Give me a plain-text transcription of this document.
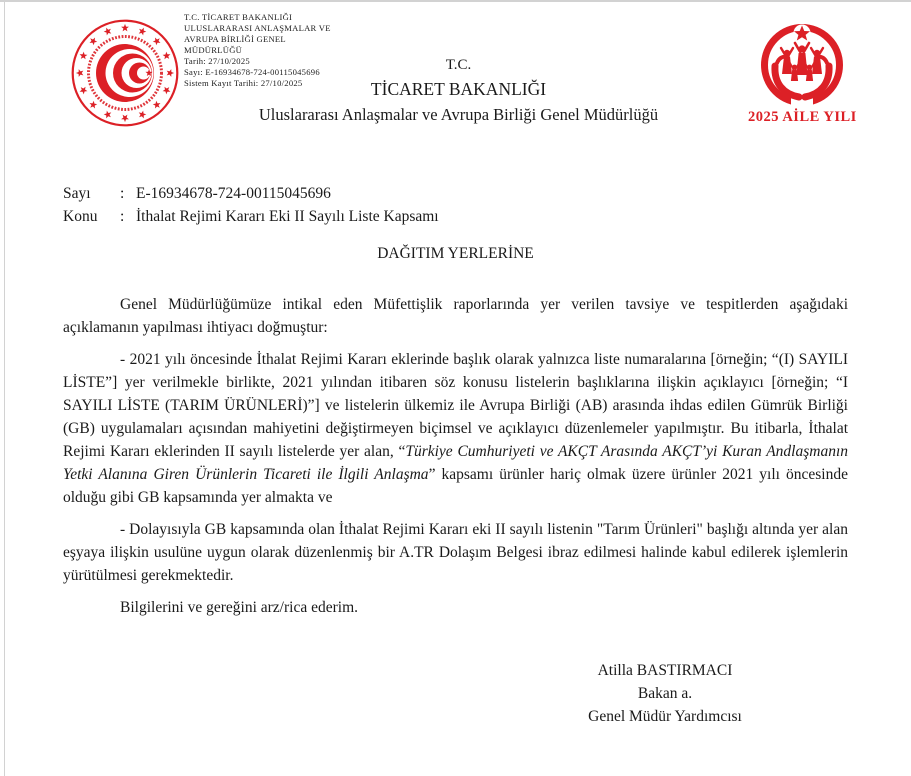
T.C. TİCARET BAKANLIĞI
ULUSLARARASI ANLAŞMALAR VE
AVRUPA BİRLİĞİ GENEL
MÜDÜRLÜĞÜ
Tarih: 27/10/2025
Sayı: E-16934678-724-00115045696
Sistem Kayıt Tarihi: 27/10/2025
T.C.
TİCARET BAKANLIĞI
Uluslararası Anlaşmalar ve Avrupa Birliği Genel Müdürlüğü	2025 AİLE YILI
Sayı	: E-16934678-724-00115045696
Konu	: İthalat Rejimi Kararı Eki II Sayılı Liste Kapsamı
DAĞITIM YERLERİNE

Genel Müdürlüğümüze intikal eden Müfettişlik raporlarında yer verilen tavsiye ve tespitlerden aşağıdaki açıklamanın yapılması ihtiyacı doğmuştur:

- 2021 yılı öncesinde İthalat Rejimi Kararı eklerinde başlık olarak yalnızca liste numaralarına [örneğin; “(I) SAYILI LİSTE”] yer verilmekle birlikte, 2021 yılından itibaren söz konusu listelerin başlıklarına ilişkin açıklayıcı [örneğin; “I SAYILI LİSTE (TARIM ÜRÜNLERİ)”] ve listelerin ülkemiz ile Avrupa Birliği (AB) arasında ihdas edilen Gümrük Birliği (GB) uygulamaları açısından mahiyetini değiştirmeyen biçimsel ve açıklayıcı düzenlemeler yapılmıştır. Bu itibarla, İthalat Rejimi Kararı eklerinden II sayılı listelerde yer alan, “Türkiye Cumhuriyeti ve AKÇT Arasında AKÇT’yi Kuran Andlaşmanın Yetki Alanına Giren Ürünlerin Ticareti ile İlgili Anlaşma” kapsamı ürünler hariç olmak üzere ürünler 2021 yılı öncesinde olduğu gibi GB kapsamında yer almakta ve

- Dolayısıyla GB kapsamında olan İthalat Rejimi Kararı eki II sayılı listenin "Tarım Ürünleri" başlığı altında yer alan eşyaya ilişkin usulüne uygun olarak düzenlenmiş bir A.TR Dolaşım Belgesi ibraz edilmesi halinde kabul edilerek işlemlerin yürütülmesi gerekmektedir.

Bilgilerini ve gereğini arz/rica ederim.

Atilla BASTIRMACI
Bakan a.
Genel Müdür Yardımcısı
